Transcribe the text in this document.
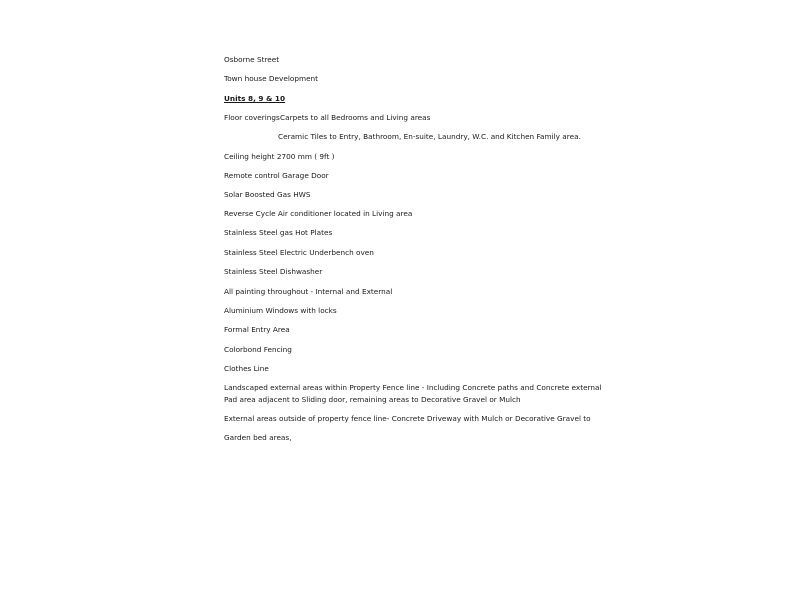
Osborne Street
Town house Development
Units 8, 9 & 10
Floor coveringsCarpets to all Bedrooms and Living areas
Ceramic Tiles to Entry, Bathroom, En-suite, Laundry, W.C. and Kitchen Family area.
Ceiling height 2700 mm ( 9ft )
Remote control Garage Door
Solar Boosted Gas HWS
Reverse Cycle Air conditioner located in Living area
Stainless Steel gas Hot Plates
Stainless Steel Electric Underbench oven
Stainless Steel Dishwasher
All painting throughout - Internal and External
Aluminium Windows with locks
Formal Entry Area
Colorbond Fencing
Clothes Line
Landscaped external areas within Property Fence line - Including Concrete paths and Concrete external
Pad area adjacent to Sliding door, remaining areas to Decorative Gravel or Mulch
External areas outside of property fence line- Concrete Driveway with Mulch or Decorative Gravel to
Garden bed areas,
